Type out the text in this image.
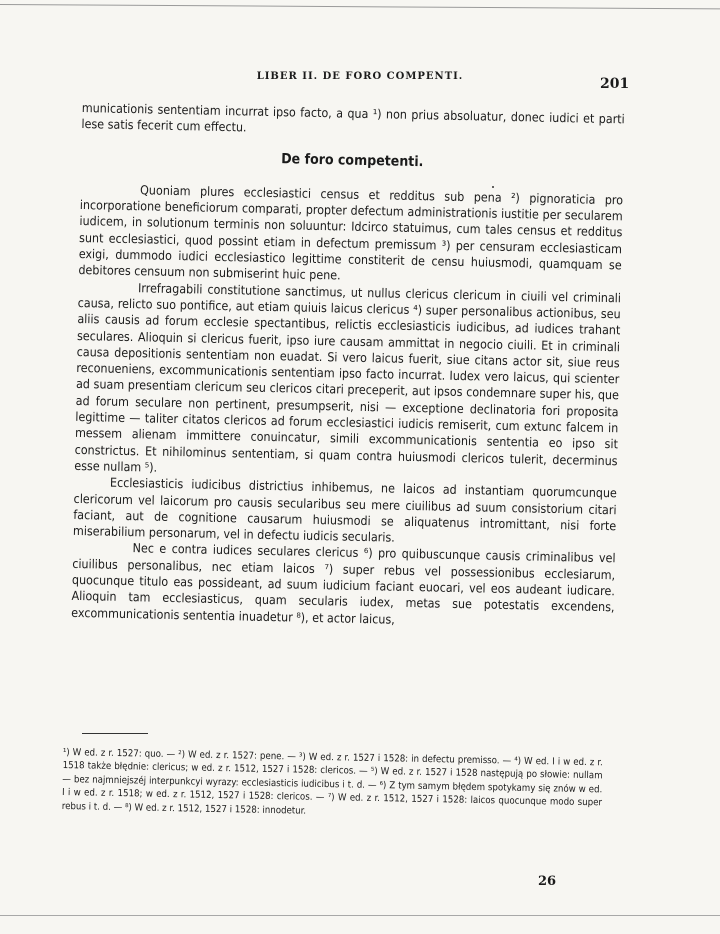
LIBER II. DE FORO COMPENTI.	201

municationis sententiam incurrat ipso facto, a qua ¹) non prius absoluatur, donec iudici et parti lese satis fecerit cum effectu.

De foro competenti.

Quoniam plures ecclesiastici census et redditus sub pena ²) pignoraticia pro incorporatione beneficiorum comparati, propter defectum administrationis iustitie per secularem iudicem, in solutionum terminis non soluuntur: Idcirco statuimus, cum tales census et redditus sunt ecclesiastici, quod possint etiam in defectum premissum ³) per censuram ecclesiasticam exigi, dummodo iudici ecclesiastico legittime constiterit de censu huiusmodi, quamquam se debitores censuum non submiserint huic pene.

Irrefragabili constitutione sanctimus, ut nullus clericus clericum in ciuili vel criminali causa, relicto suo pontifice, aut etiam quiuis laicus clericus ⁴) super personalibus actionibus, seu aliis causis ad forum ecclesie spectantibus, relictis ecclesiasticis iudicibus, ad iudices trahant seculares. Alioquin si clericus fuerit, ipso iure causam ammittat in negocio ciuili. Et in criminali causa depositionis sententiam non euadat. Si vero laicus fuerit, siue citans actor sit, siue reus reconueniens, excommunicationis sententiam ipso facto incurrat. Iudex vero laicus, qui scienter ad suam presentiam clericum seu clericos citari preceperit, aut ipsos condemnare super his, que ad forum seculare non pertinent, presumpserit, nisi — exceptione declinatoria fori proposita legittime — taliter citatos clericos ad forum ecclesiastici iudicis remiserit, cum extunc falcem in messem alienam immittere conuincatur, simili excommunicationis sententia eo ipso sit constrictus. Et nihilominus sententiam, si quam contra huiusmodi clericos tulerit, decerminus esse nullam ⁵).

Ecclesiasticis iudicibus districtius inhibemus, ne laicos ad instantiam quorumcunque clericorum vel laicorum pro causis secularibus seu mere ciuilibus ad suum consistorium citari faciant, aut de cognitione causarum huiusmodi se aliquatenus intromittant, nisi forte miserabilium personarum, vel in defectu iudicis secularis.

Nec e contra iudices seculares clericus ⁶) pro quibuscunque causis criminalibus vel ciuilibus personalibus, nec etiam laicos ⁷) super rebus vel possessionibus ecclesiarum, quocunque titulo eas possideant, ad suum iudicium faciant euocari, vel eos audeant iudicare. Alioquin tam ecclesiasticus, quam secularis iudex, metas sue potestatis excendens, excommunicationis sententia inuadetur ⁸), et actor laicus,

¹) W ed. z r. 1527: quo. — ²) W ed. z r. 1527: pene. — ³) W ed. z r. 1527 i 1528: in defectu premisso. — ⁴) W ed. I i w ed. z r. 1518 także błędnie: clericus; w ed. z r. 1512, 1527 i 1528: clericos. — ⁵) W ed. z r. 1527 i 1528 następują po słowie: nullam — bez najmniejszéj interpunkcyi wyrazy: ecclesiasticis iudicibus i t. d. — ⁶) Z tym samym błędem spotykamy się znów w ed. I i w ed. z r. 1518; w ed. z r. 1512, 1527 i 1528: clericos. — ⁷) W ed. z r. 1512, 1527 i 1528: laicos quocunque modo super rebus i t. d. — ⁸) W ed. z r. 1512, 1527 i 1528: innodetur.

26
